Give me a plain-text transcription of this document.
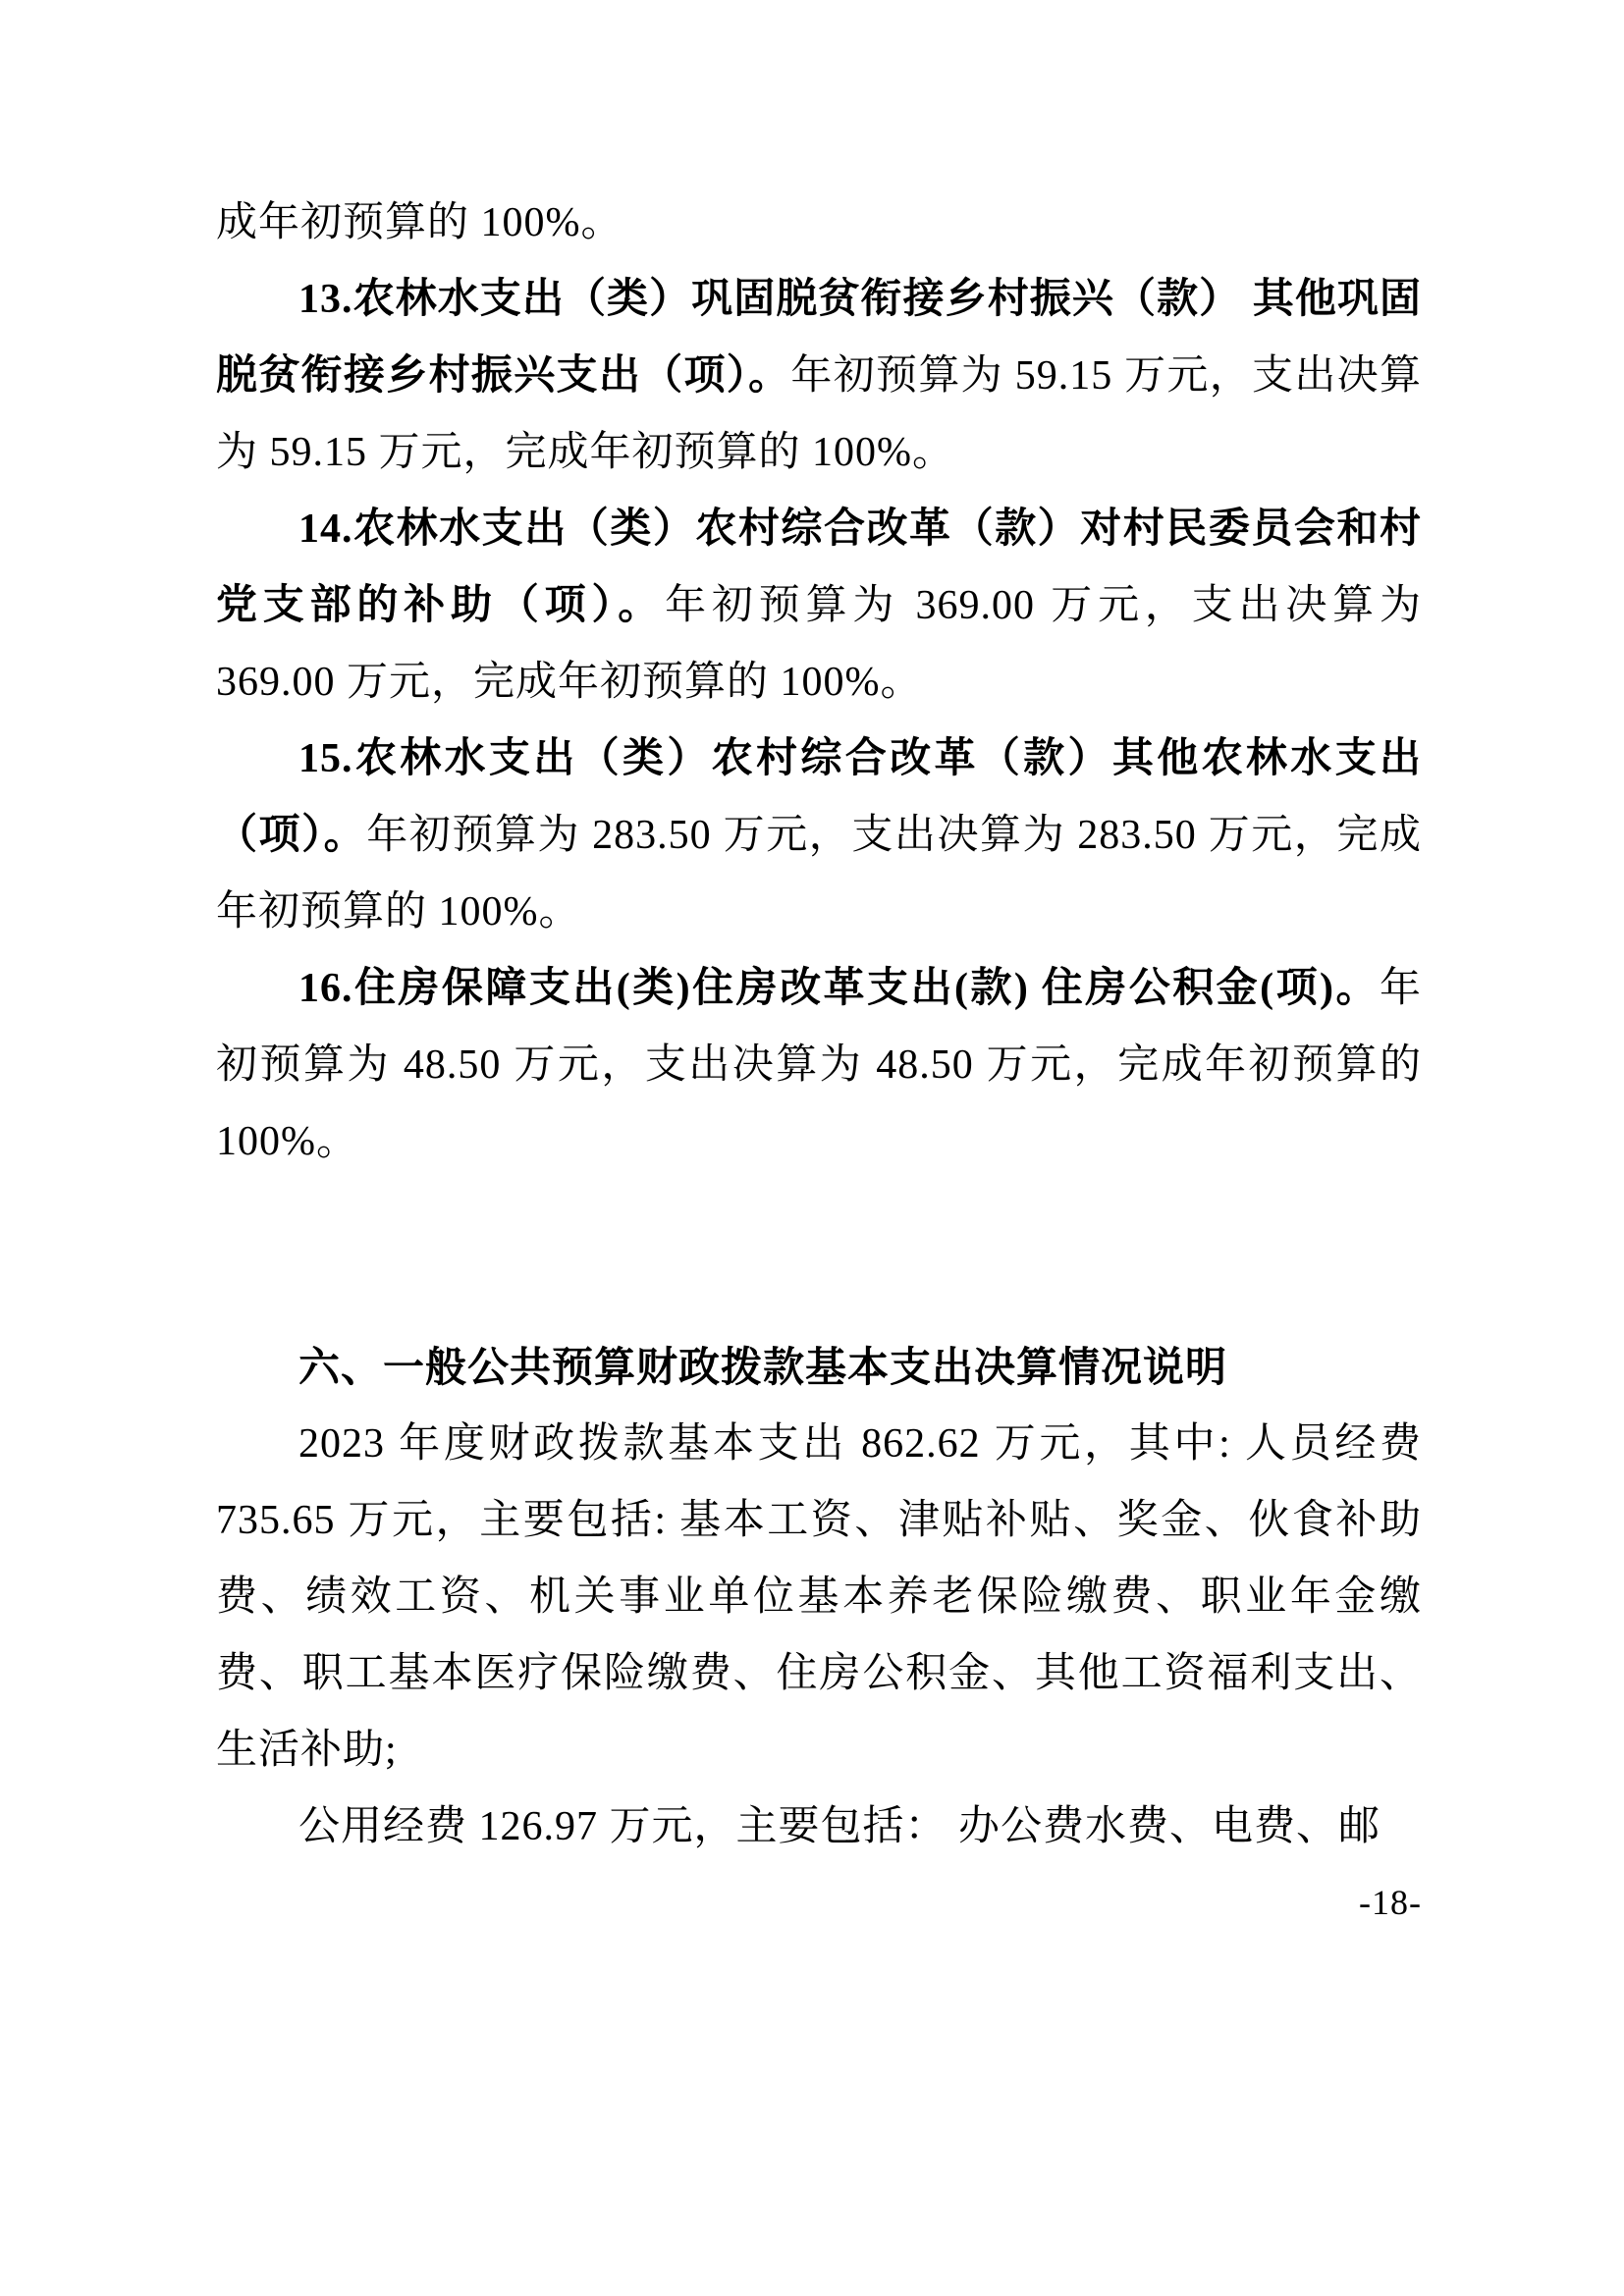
成年初预算的 100%。

13.农林水支出（类）巩固脱贫衔接乡村振兴（款） 其他巩固脱贫衔接乡村振兴支出（项）。年初预算为 59.15 万元，支出决算为 59.15 万元，完成年初预算的 100%。

14.农林水支出（类）农村综合改革（款）对村民委员会和村党支部的补助（项）。年初预算为 369.00 万元，支出决算为 369.00 万元，完成年初预算的 100%。

15.农林水支出（类）农村综合改革（款）其他农林水支出（项）。年初预算为 283.50 万元，支出决算为 283.50 万元，完成年初预算的 100%。

16.住房保障支出(类)住房改革支出(款) 住房公积金(项)。年初预算为 48.50 万元，支出决算为 48.50 万元，完成年初预算的 100%。

六、一般公共预算财政拨款基本支出决算情况说明

2023 年度财政拨款基本支出 862.62 万元，其中: 人员经费 735.65 万元，主要包括: 基本工资、津贴补贴、奖金、伙食补助费、绩效工资、机关事业单位基本养老保险缴费、职业年金缴费、职工基本医疗保险缴费、住房公积金、其他工资福利支出、生活补助;

公用经费 126.97 万元，主要包括： 办公费水费、电费、邮

-18-
